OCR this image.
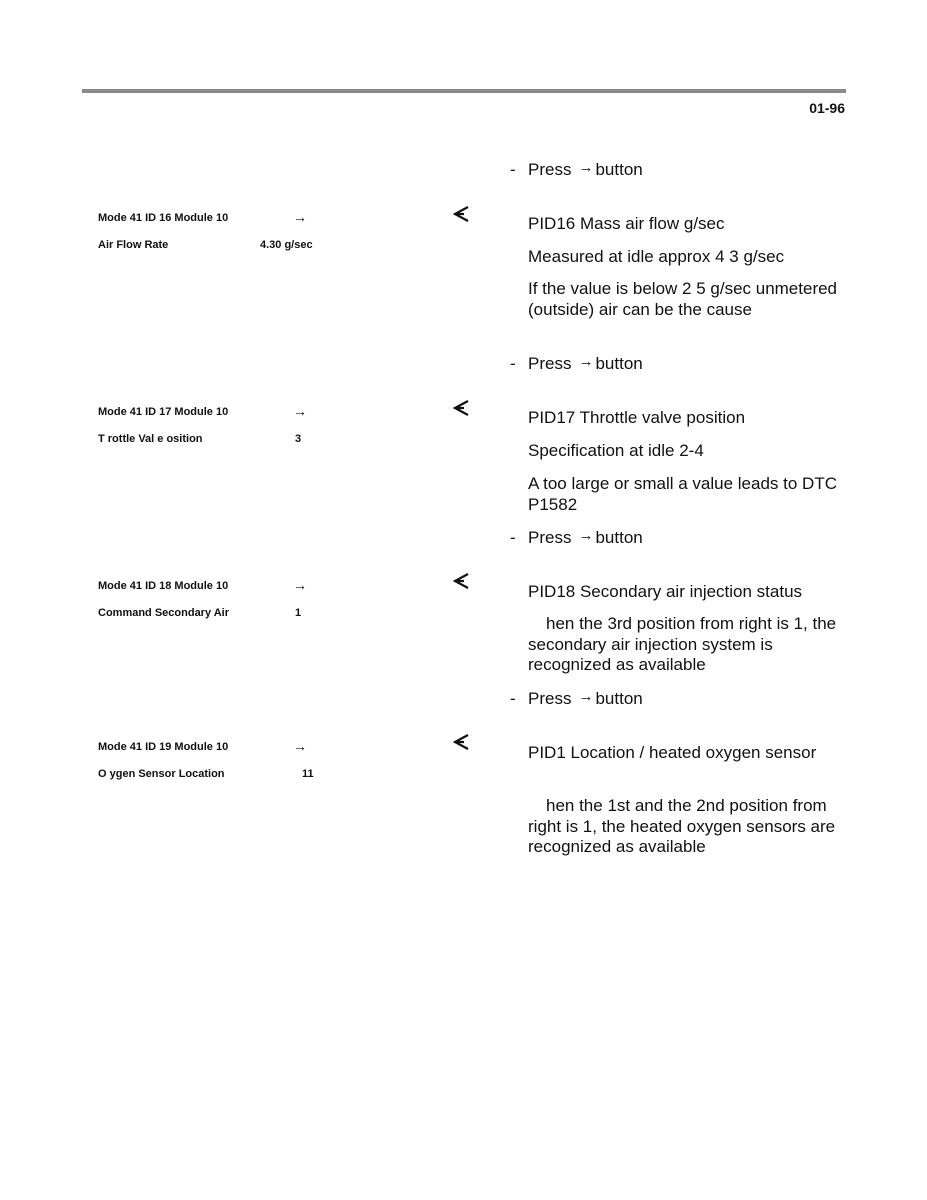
01-96
- Press → button
Mode 41 ID 16 Module 10	→
Air Flow Rate	4.30 g/sec
PID16 Mass air flow g/sec
Measured at idle approx 4 3 g/sec
If the value is below 2 5 g/sec unmetered (outside) air can be the cause
- Press → button
Mode 41 ID 17 Module 10	→
T rottle Val e osition	3
PID17 Throttle valve position
Specification at idle 2-4
A too large or small a value leads to DTC P1582
- Press → button
Mode 41 ID 18 Module 10	→
Command Secondary Air	1
PID18 Secondary air injection status
hen the 3rd position from right is 1, the secondary air injection system is recognized as available
- Press → button
Mode 41 ID 19 Module 10	→
O ygen Sensor Location	11
PID1 Location / heated oxygen sensor
hen the 1st and the 2nd position from right is 1, the heated oxygen sensors are recognized as available
